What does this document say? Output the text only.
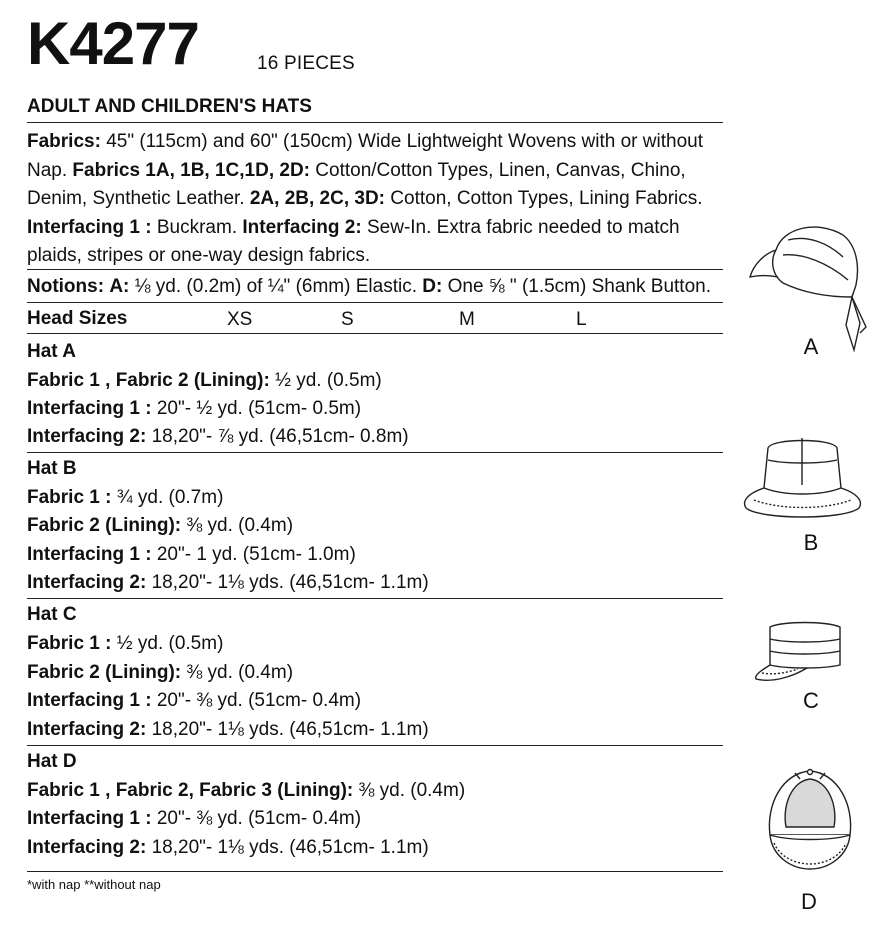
K4277	16 PIECES
ADULT AND CHILDREN'S HATS
Fabrics: 45" (115cm) and 60" (150cm) Wide Lightweight Wovens with or without Nap. Fabrics 1A, 1B, 1C,1D, 2D: Cotton/Cotton Types, Linen, Canvas, Chino, Denim, Synthetic Leather. 2A, 2B, 2C, 3D: Cotton, Cotton Types, Lining Fabrics. Interfacing 1 : Buckram. Interfacing 2: Sew-In. Extra fabric needed to match plaids, stripes or one-way design fabrics.
Notions: A: ⅛ yd. (0.2m) of ¼" (6mm) Elastic. D: One ⅝ " (1.5cm) Shank Button.
Head Sizes	XS	S	M	L
Hat A
Fabric 1 , Fabric 2 (Lining): ½ yd. (0.5m)
Interfacing 1 : 20"- ½ yd. (51cm- 0.5m)
Interfacing 2: 18,20"- ⅞ yd. (46,51cm- 0.8m)
Hat B
Fabric 1 : ¾ yd. (0.7m)
Fabric 2 (Lining): ⅜ yd. (0.4m)
Interfacing 1 : 20"- 1 yd. (51cm- 1.0m)
Interfacing 2: 18,20"- 1⅛ yds. (46,51cm- 1.1m)
Hat C
Fabric 1 : ½ yd. (0.5m)
Fabric 2 (Lining): ⅜ yd. (0.4m)
Interfacing 1 : 20"- ⅜ yd. (51cm- 0.4m)
Interfacing 2: 18,20"- 1⅛ yds. (46,51cm- 1.1m)
Hat D
Fabric 1 , Fabric 2, Fabric 3 (Lining): ⅜ yd. (0.4m)
Interfacing 1 : 20"- ⅜ yd. (51cm- 0.4m)
Interfacing 2: 18,20"- 1⅛ yds. (46,51cm- 1.1m)
*with nap **without nap
A
B
C
D
